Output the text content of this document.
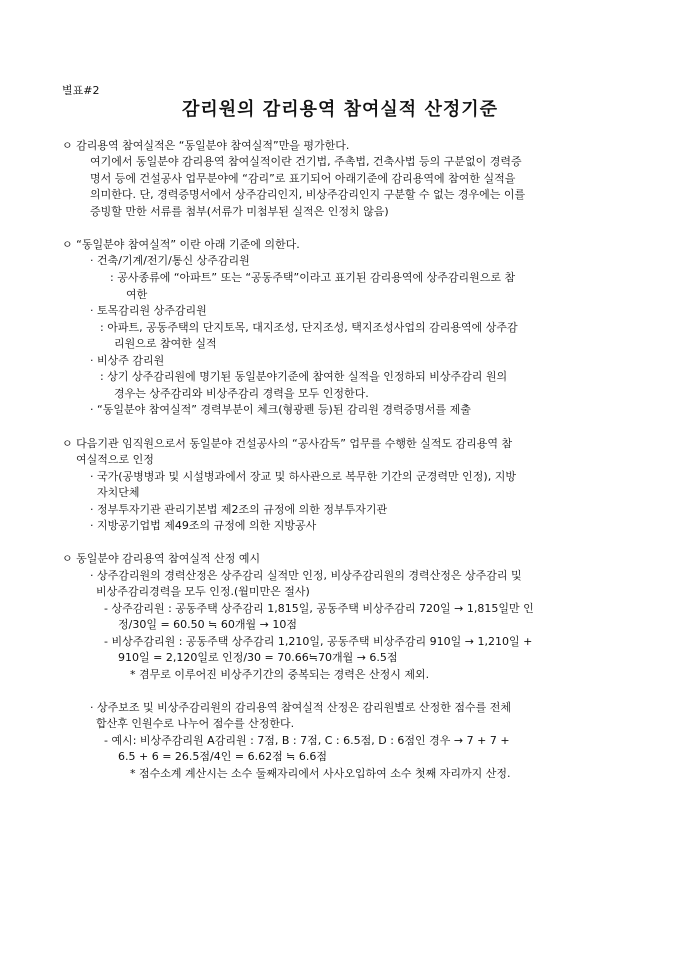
별표#2
감리원의 감리용역 참여실적 산정기준
ㅇ 감리용역 참여실적은 “동일분야 참여실적”만을 평가한다.
여기에서 동일분야 감리용역 참여실적이란 건기법, 주촉법, 건축사법 등의 구분없이 경력증
명서 등에 건설공사 업무분야에 “감리”로 표기되어 아래기준에 감리용역에 참여한 실적을
의미한다. 단, 경력증명서에서 상주감리인지, 비상주감리인지 구분할 수 없는 경우에는 이를
증빙할 만한 서류를 첨부(서류가 미첨부된 실적은 인정치 않음)
ㅇ “동일분야 참여실적” 이란 아래 기준에 의한다.
· 건축/기계/전기/통신 상주감리원
: 공사종류에 “아파트” 또는 “공동주택”이라고 표기된 감리용역에 상주감리원으로 참
여한
· 토목감리원 상주감리원
: 아파트, 공동주택의 단지토목, 대지조성, 단지조성, 택지조성사업의 감리용역에 상주감
리원으로 참여한 실적
· 비상주 감리원
: 상기 상주감리원에 명기된 동일분야기준에 참여한 실적을 인정하되 비상주감리 원의
경우는 상주감리와 비상주감리 경력을 모두 인정한다.
· “동일분야 참여실적” 경력부분이 체크(형광펜 등)된 감리원 경력증명서를 제출
ㅇ 다음기관 임직원으로서 동일분야 건설공사의 “공사감독” 업무를 수행한 실적도 감리용역 참
여실적으로 인정
· 국가(공병병과 및 시설병과에서 장교 및 하사관으로 복무한 기간의 군경력만 인정), 지방
자치단체
· 정부투자기관 관리기본법 제2조의 규정에 의한 정부투자기관
· 지방공기업법 제49조의 규정에 의한 지방공사
ㅇ 동일분야 감리용역 참여실적 산정 예시
· 상주감리원의 경력산정은 상주감리 실적만 인정, 비상주감리원의 경력산정은 상주감리 및
비상주감리경력을 모두 인정.(월미만은 절사)
- 상주감리원 : 공동주택 상주감리 1,815일, 공동주택 비상주감리 720일 → 1,815일만 인
정/30일 = 60.50 ≒ 60개월 → 10점
- 비상주감리원 : 공동주택 상주감리 1,210일, 공동주택 비상주감리 910일 → 1,210일 +
910일 = 2,120일로 인정/30 = 70.66≒70개월 → 6.5점
* 겸무로 이루어진 비상주기간의 중복되는 경력은 산정시 제외.
· 상주보조 및 비상주감리원의 감리용역 참여실적 산정은 감리원별로 산정한 점수를 전체
합산후 인원수로 나누어 점수를 산정한다.
- 예시: 비상주감리원 A감리원 : 7점, B : 7점, C : 6.5점, D : 6점인 경우 → 7 + 7 +
6.5 + 6 = 26.5점/4인 = 6.62점 ≒ 6.6점
* 점수소계 계산시는 소수 둘째자리에서 사사오입하여 소수 첫째 자리까지 산정.
